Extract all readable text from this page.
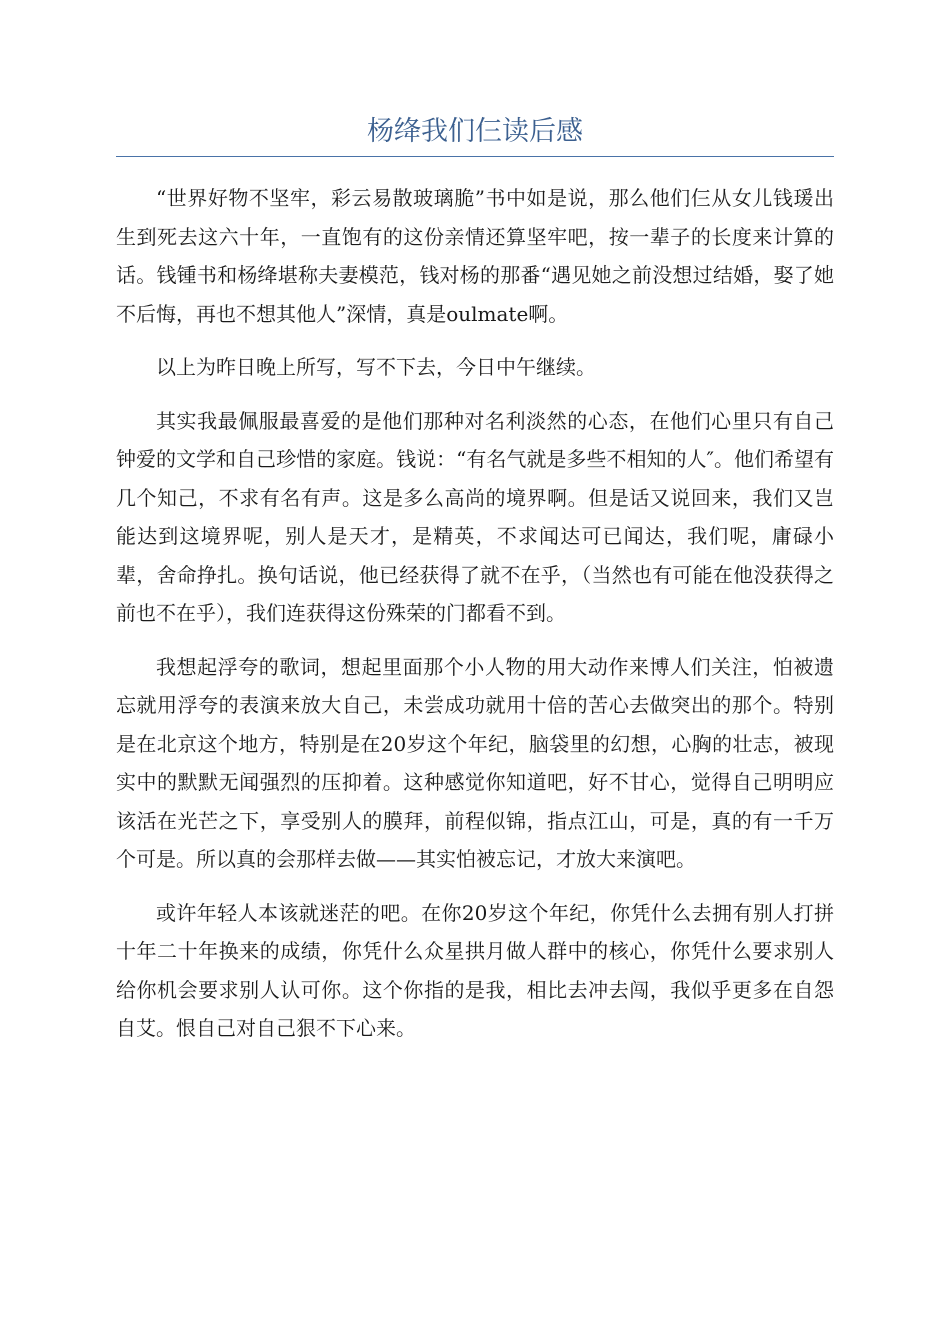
杨绛我们仨读后感

“世界好物不坚牢，彩云易散玻璃脆”书中如是说，那么他们仨从女儿钱瑗出生到死去这六十年，一直饱有的这份亲情还算坚牢吧，按一辈子的长度来计算的话。钱锺书和杨绛堪称夫妻模范，钱对杨的那番“遇见她之前没想过结婚，娶了她不后悔，再也不想其他人”深情，真是oulmate啊。

以上为昨日晚上所写，写不下去，今日中午继续。

其实我最佩服最喜爱的是他们那种对名利淡然的心态，在他们心里只有自己钟爱的文学和自己珍惜的家庭。钱说：“有名气就是多些不相知的人″。他们希望有几个知己，不求有名有声。这是多么高尚的境界啊。但是话又说回来，我们又岂能达到这境界呢，别人是天才，是精英，不求闻达可已闻达，我们呢，庸碌小辈，舍命挣扎。换句话说，他已经获得了就不在乎，（当然也有可能在他没获得之前也不在乎），我们连获得这份殊荣的门都看不到。

我想起浮夸的歌词，想起里面那个小人物的用大动作来博人们关注，怕被遗忘就用浮夸的表演来放大自己，未尝成功就用十倍的苦心去做突出的那个。特别是在北京这个地方，特别是在20岁这个年纪，脑袋里的幻想，心胸的壮志，被现实中的默默无闻强烈的压抑着。这种感觉你知道吧，好不甘心，觉得自己明明应该活在光芒之下，享受别人的膜拜，前程似锦，指点江山，可是，真的有一千万个可是。所以真的会那样去做——其实怕被忘记，才放大来演吧。

或许年轻人本该就迷茫的吧。在你20岁这个年纪，你凭什么去拥有别人打拼十年二十年换来的成绩，你凭什么众星拱月做人群中的核心，你凭什么要求别人给你机会要求别人认可你。这个你指的是我，相比去冲去闯，我似乎更多在自怨自艾。恨自己对自己狠不下心来。
